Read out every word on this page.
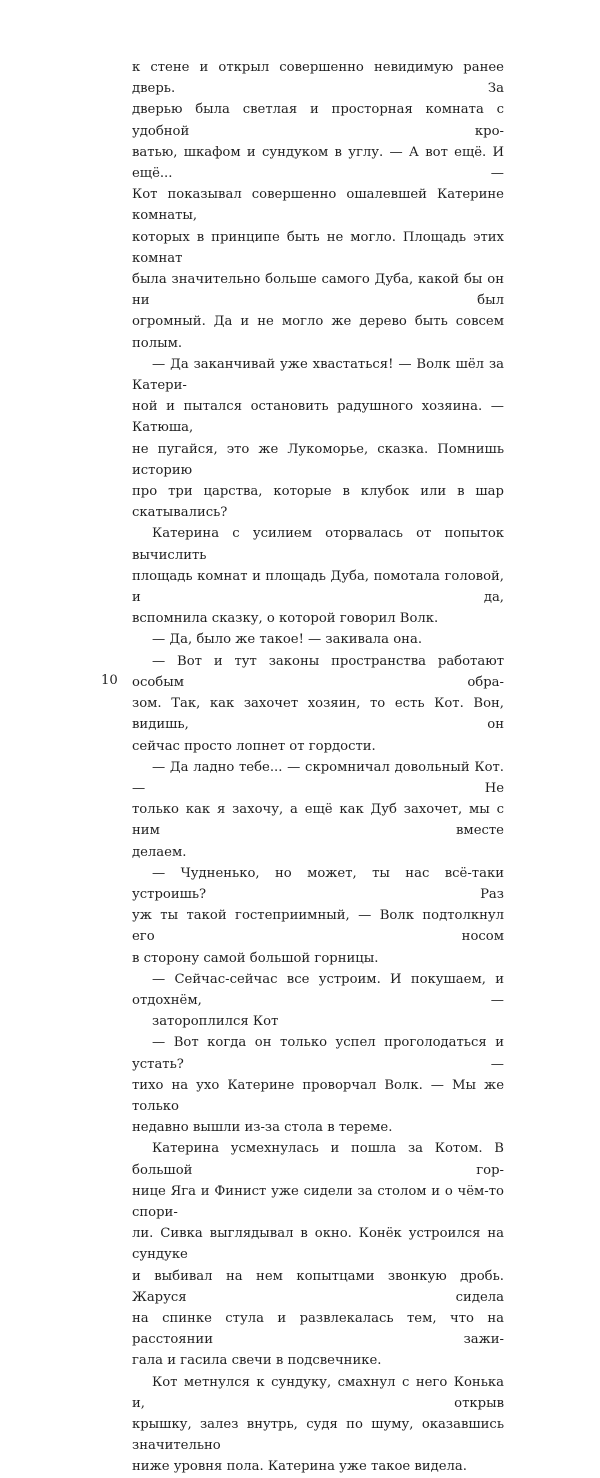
к стене и открыл совершенно невидимую ранее дверь. За

дверью была светлая и просторная комната с удобной кро-

ватью, шкафом и сундуком в углу. — А вот ещё. И ещё... —

Кот показывал совершенно ошалевшей Катерине комнаты,

которых в принципе быть не могло. Площадь этих комнат

была значительно больше самого Дуба, какой бы он ни был

огромный. Да и не могло же дерево быть совсем полым.

— Да заканчивай уже хвастаться! — Волк шёл за Катери-

ной и пытался остановить радушного хозяина. — Катюша,

не пугайся, это же Лукоморье, сказка. Помнишь историю

про три царства, которые в клубок или в шар скатывались?

Катерина с усилием оторвалась от попыток вычислить

площадь комнат и площадь Дуба, помотала головой, и да,

вспомнила сказку, о которой говорил Волк.

— Да, было же такое! — закивала она.

— Вот и тут законы пространства работают особым обра-

зом. Так, как захочет хозяин, то есть Кот. Вон, видишь, он

сейчас просто лопнет от гордости.

— Да ладно тебе... — скромничал довольный Кот. — Не

только как я захочу, а ещё как Дуб захочет, мы с ним вместе

делаем.

— Чудненько, но может, ты нас всё-таки устроишь? Раз

уж ты такой гостеприимный, — Волк подтолкнул его носом

в сторону самой большой горницы.

— Сейчас-сейчас все устроим. И покушаем, и отдохнём, —

затороплился Кот

— Вот когда он только успел проголодаться и устать? —

тихо на ухо Катерине проворчал Волк. — Мы же только

недавно вышли из-за стола в тереме.

Катерина усмехнулась и пошла за Котом. В большой гор-

нице Яга и Финист уже сидели за столом и о чём-то спори-

ли. Сивка выглядывал в окно. Конёк устроился на сундуке

и выбивал на нем копытцами звонкую дробь. Жаруся сидела

на спинке стула и развлекалась тем, что на расстоянии зажи-

гала и гасила свечи в подсвечнике.

Кот метнулся к сундуку, смахнул с него Конька и, открыв

крышку, залез внутрь, судя по шуму, оказавшись значительно

ниже уровня пола. Катерина уже такое видела.

10
